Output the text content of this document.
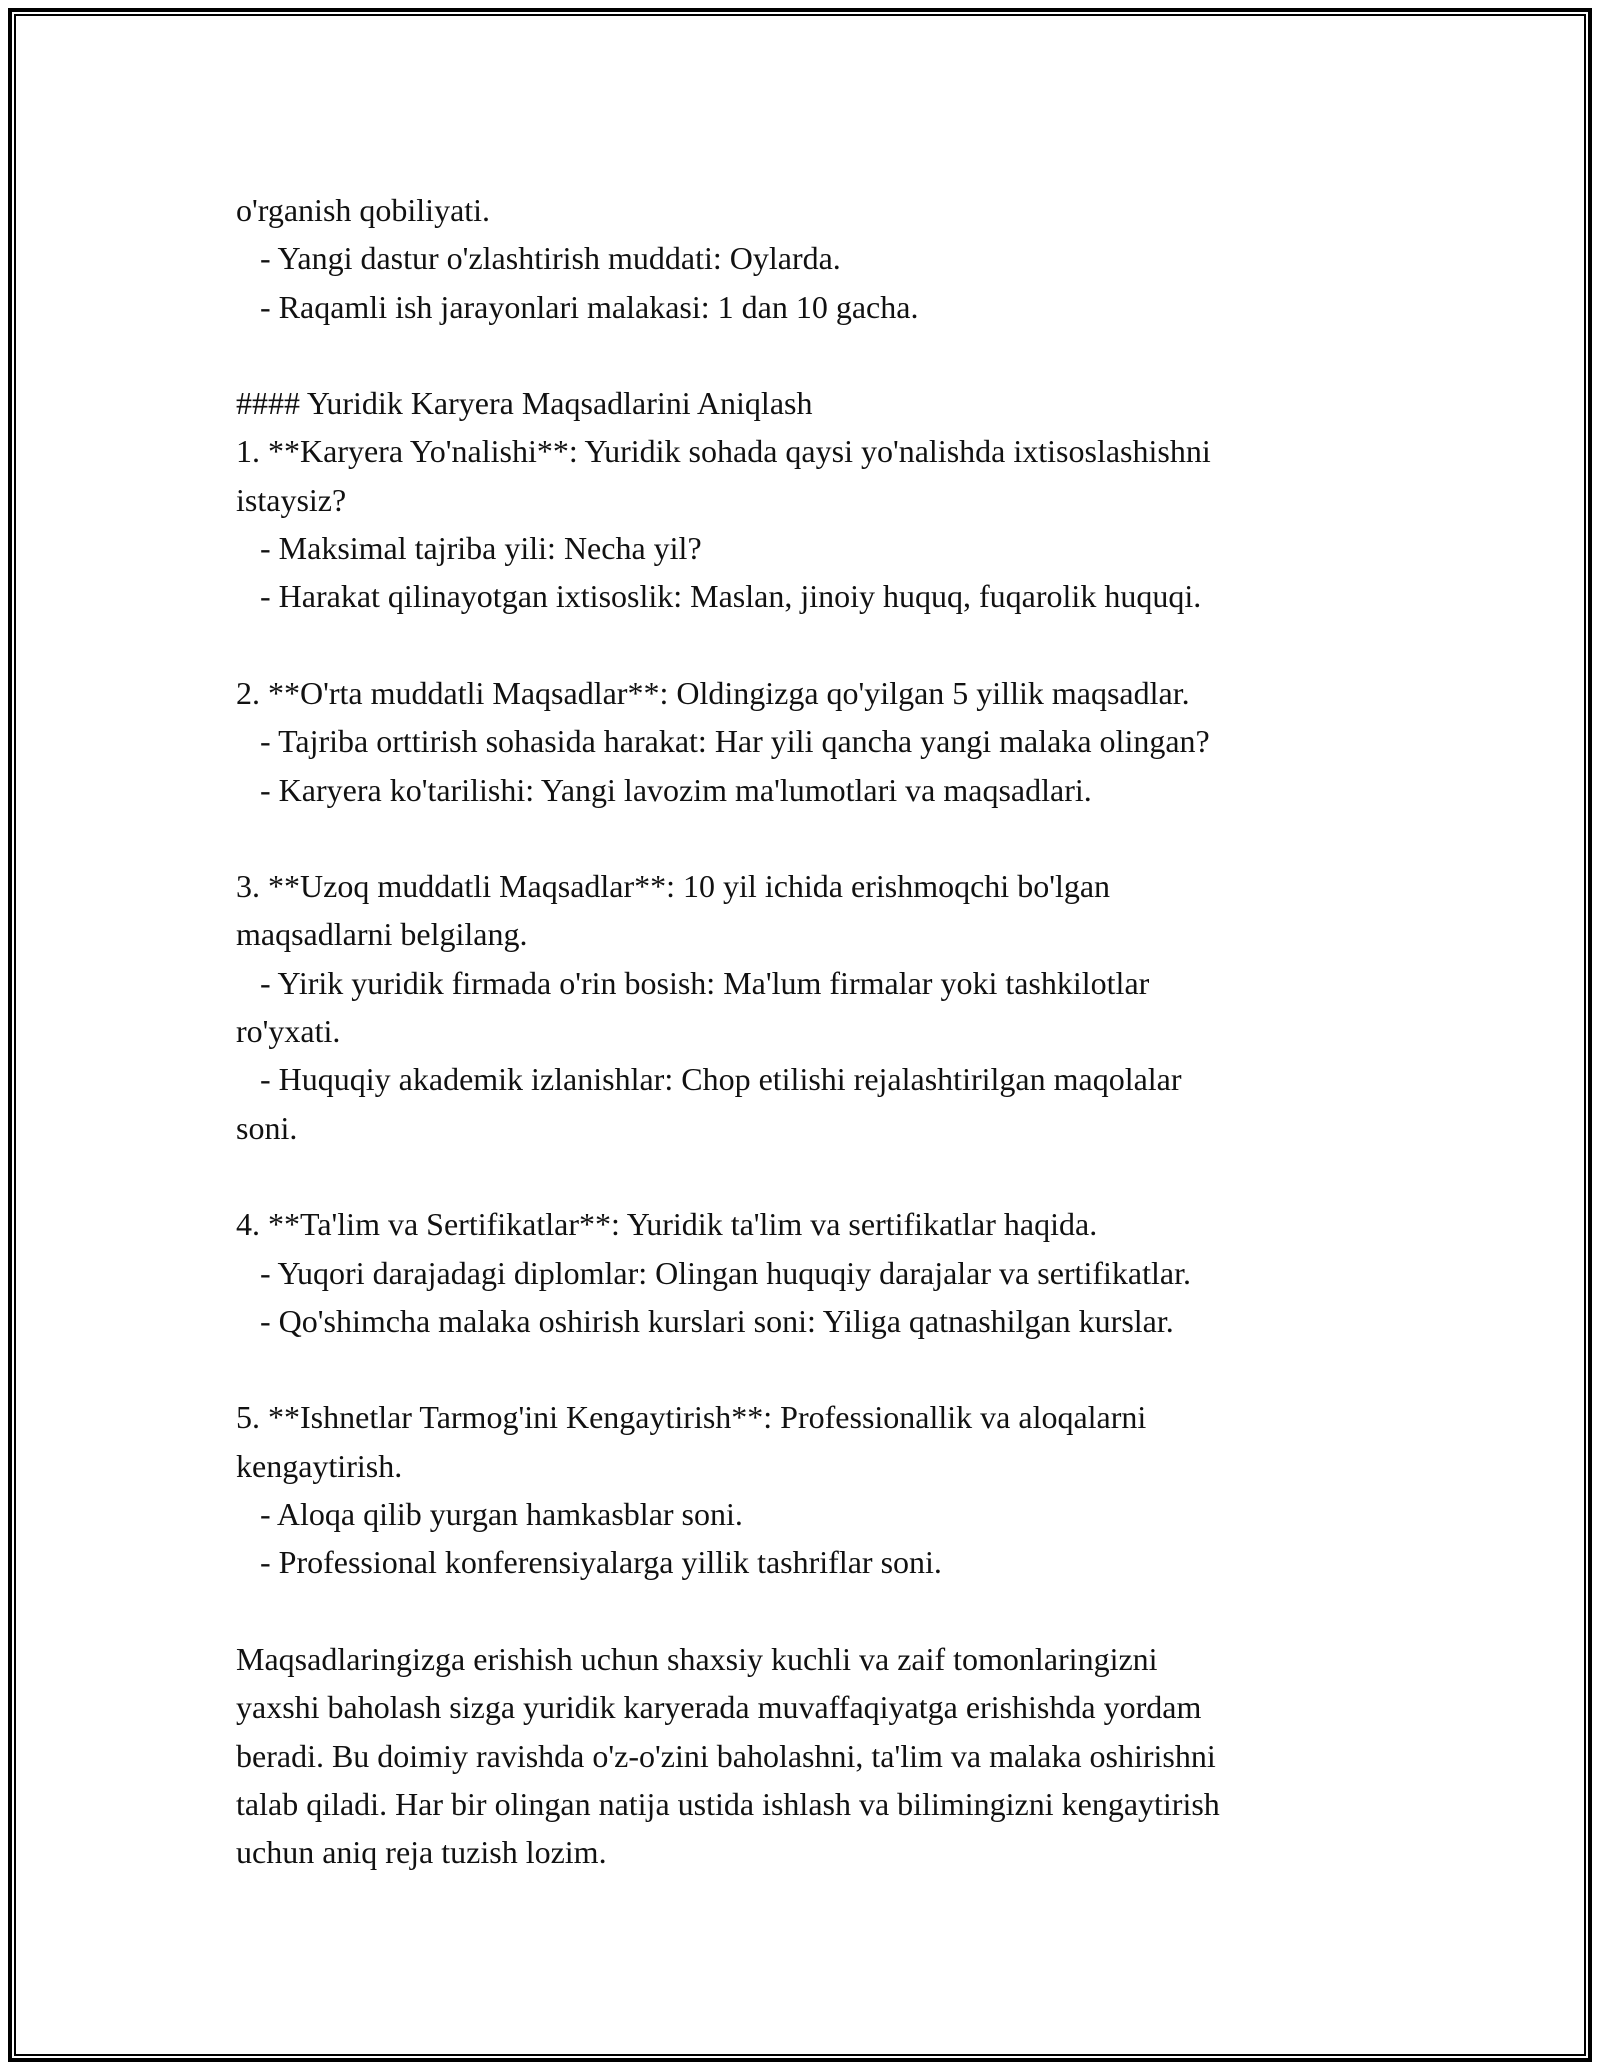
o'rganish qobiliyati.
- Yangi dastur o'zlashtirish muddati: Oylarda.
- Raqamli ish jarayonlari malakasi: 1 dan 10 gacha.
#### Yuridik Karyera Maqsadlarini Aniqlash
1. **Karyera Yo'nalishi**: Yuridik sohada qaysi yo'nalishda ixtisoslashishni
istaysiz?
- Maksimal tajriba yili: Necha yil?
- Harakat qilinayotgan ixtisoslik: Maslan, jinoiy huquq, fuqarolik huquqi.
2. **O'rta muddatli Maqsadlar**: Oldingizga qo'yilgan 5 yillik maqsadlar.
- Tajriba orttirish sohasida harakat: Har yili qancha yangi malaka olingan?
- Karyera ko'tarilishi: Yangi lavozim ma'lumotlari va maqsadlari.
3. **Uzoq muddatli Maqsadlar**: 10 yil ichida erishmoqchi bo'lgan
maqsadlarni belgilang.
- Yirik yuridik firmada o'rin bosish: Ma'lum firmalar yoki tashkilotlar
ro'yxati.
- Huquqiy akademik izlanishlar: Chop etilishi rejalashtirilgan maqolalar
soni.
4. **Ta'lim va Sertifikatlar**: Yuridik ta'lim va sertifikatlar haqida.
- Yuqori darajadagi diplomlar: Olingan huquqiy darajalar va sertifikatlar.
- Qo'shimcha malaka oshirish kurslari soni: Yiliga qatnashilgan kurslar.
5. **Ishnetlar Tarmog'ini Kengaytirish**: Professionallik va aloqalarni
kengaytirish.
- Aloqa qilib yurgan hamkasblar soni.
- Professional konferensiyalarga yillik tashriflar soni.
Maqsadlaringizga erishish uchun shaxsiy kuchli va zaif tomonlaringizni
yaxshi baholash sizga yuridik karyerada muvaffaqiyatga erishishda yordam
beradi. Bu doimiy ravishda o'z-o'zini baholashni, ta'lim va malaka oshirishni
talab qiladi. Har bir olingan natija ustida ishlash va bilimingizni kengaytirish
uchun aniq reja tuzish lozim.
